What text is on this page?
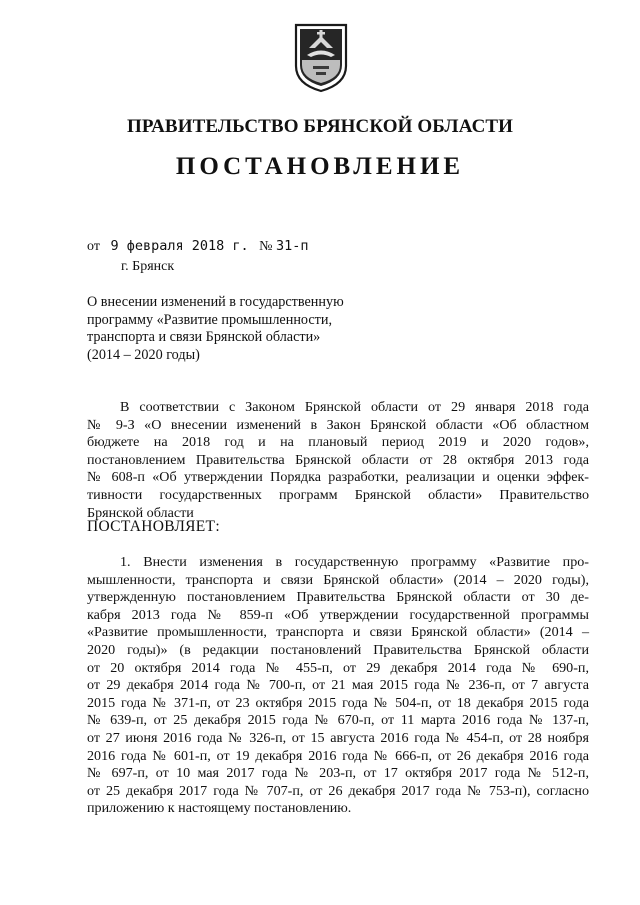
ПРАВИТЕЛЬСТВО БРЯНСКОЙ ОБЛАСТИ
ПОСТАНОВЛЕНИЕ
от 9 февраля 2018 г. № 31-п
г. Брянск
О внесении изменений в государственную
программу «Развитие промышленности,
транспорта и связи Брянской области»
(2014 – 2020 годы)
В соответствии с Законом Брянской области от 29 января 2018 года
№ 9-З «О внесении изменений в Закон Брянской области «Об областном
бюджете на 2018 год и на плановый период 2019 и 2020 годов»,
постановлением Правительства Брянской области от 28 октября 2013 года
№ 608-п «Об утверждении Порядка разработки, реализации и оценки эффек-
тивности государственных программ Брянской области» Правительство
Брянской области
ПОСТАНОВЛЯЕТ:
1. Внести изменения в государственную программу «Развитие про-
мышленности, транспорта и связи Брянской области» (2014 – 2020 годы),
утвержденную постановлением Правительства Брянской области от 30 де-
кабря 2013 года № 859-п «Об утверждении государственной программы
«Развитие промышленности, транспорта и связи Брянской области» (2014 –
2020 годы)» (в редакции постановлений Правительства Брянской области
от 20 октября 2014 года № 455-п, от 29 декабря 2014 года № 690-п,
от 29 декабря 2014 года № 700-п, от 21 мая 2015 года № 236-п, от 7 августа
2015 года № 371-п, от 23 октября 2015 года № 504-п, от 18 декабря 2015 года
№ 639-п, от 25 декабря 2015 года № 670-п, от 11 марта 2016 года № 137-п,
от 27 июня 2016 года № 326-п, от 15 августа 2016 года № 454-п, от 28 ноября
2016 года № 601-п, от 19 декабря 2016 года № 666-п, от 26 декабря 2016 года
№ 697-п, от 10 мая 2017 года № 203-п, от 17 октября 2017 года № 512-п,
от 25 декабря 2017 года № 707-п, от 26 декабря 2017 года № 753-п), согласно
приложению к настоящему постановлению.
